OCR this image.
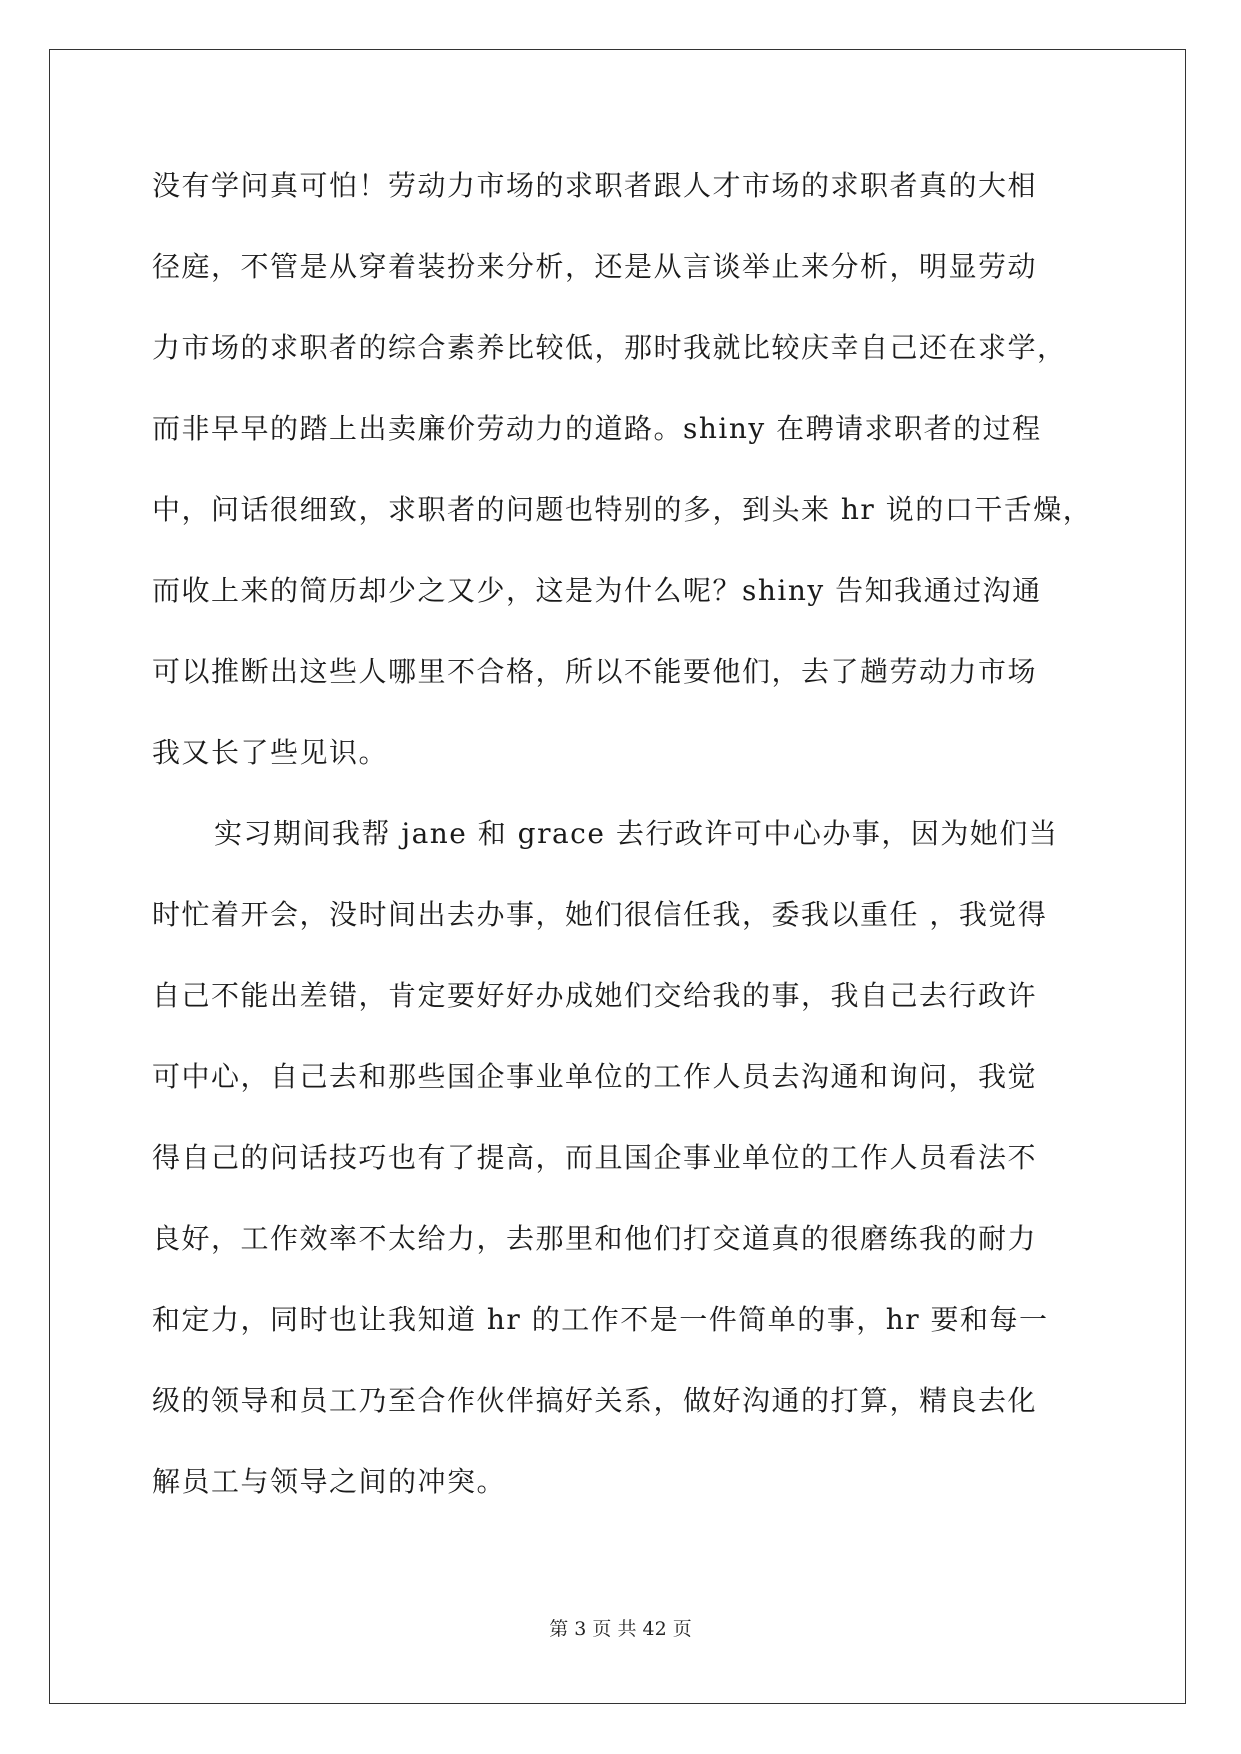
没有学问真可怕！劳动力市场的求职者跟人才市场的求职者真的大相
径庭，不管是从穿着装扮来分析，还是从言谈举止来分析，明显劳动
力市场的求职者的综合素养比较低，那时我就比较庆幸自己还在求学，
而非早早的踏上出卖廉价劳动力的道路。shiny 在聘请求职者的过程
中，问话很细致，求职者的问题也特别的多，到头来 hr 说的口干舌燥，
而收上来的简历却少之又少，这是为什么呢？shiny 告知我通过沟通
可以推断出这些人哪里不合格，所以不能要他们，去了趟劳动力市场
我又长了些见识。
实习期间我帮 jane 和 grace 去行政许可中心办事，因为她们当
时忙着开会，没时间出去办事，她们很信任我，委我以重任 ，我觉得
自己不能出差错，肯定要好好办成她们交给我的事，我自己去行政许
可中心，自己去和那些国企事业单位的工作人员去沟通和询问，我觉
得自己的问话技巧也有了提高，而且国企事业单位的工作人员看法不
良好，工作效率不太给力，去那里和他们打交道真的很磨练我的耐力
和定力，同时也让我知道 hr 的工作不是一件简单的事，hr 要和每一
级的领导和员工乃至合作伙伴搞好关系，做好沟通的打算，精良去化
解员工与领导之间的冲突。
第 3 页 共 42 页
